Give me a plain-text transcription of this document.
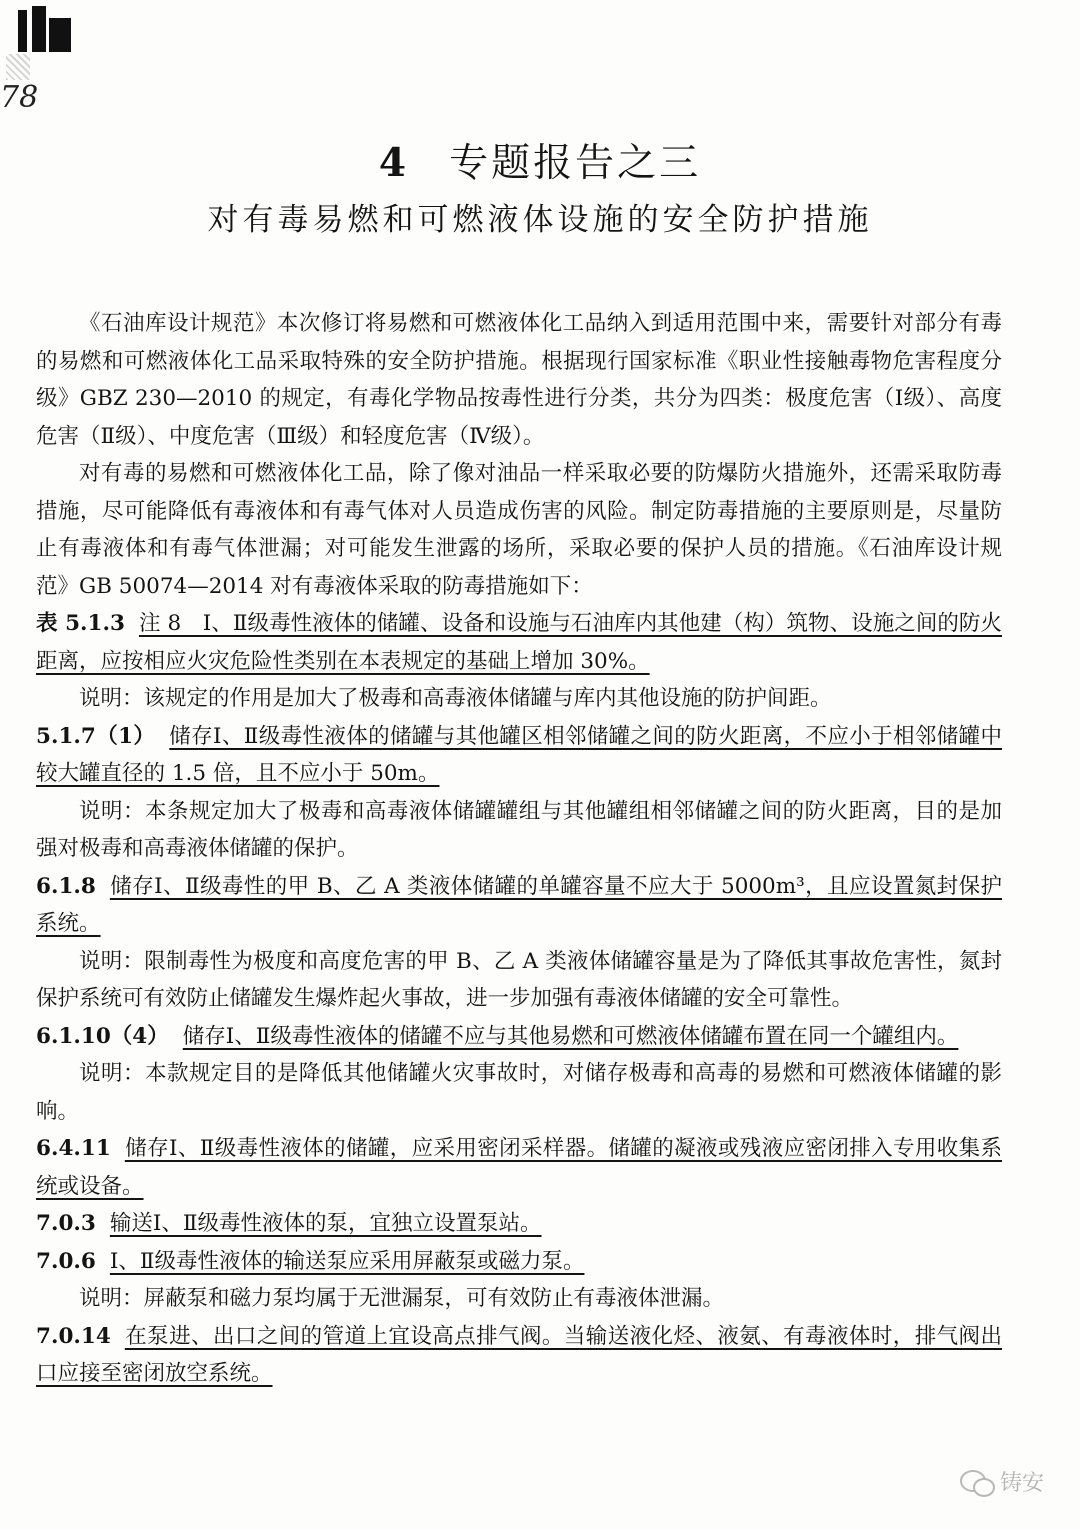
78
4 专题报告之三
对有毒易燃和可燃液体设施的安全防护措施

《石油库设计规范》本次修订将易燃和可燃液体化工品纳入到适用范围中来，需要针对部分有毒的易燃和可燃液体化工品采取特殊的安全防护措施。根据现行国家标准《职业性接触毒物危害程度分级》GBZ 230—2010 的规定，有毒化学物品按毒性进行分类，共分为四类：极度危害（Ⅰ级）、高度危害（Ⅱ级）、中度危害（Ⅲ级）和轻度危害（Ⅳ级）。

对有毒的易燃和可燃液体化工品，除了像对油品一样采取必要的防爆防火措施外，还需采取防毒措施，尽可能降低有毒液体和有毒气体对人员造成伤害的风险。制定防毒措施的主要原则是，尽量防止有毒液体和有毒气体泄漏；对可能发生泄露的场所，采取必要的保护人员的措施。《石油库设计规范》GB 50074—2014 对有毒液体采取的防毒措施如下：

表 5.1.3 注 8　Ⅰ、Ⅱ级毒性液体的储罐、设备和设施与石油库内其他建（构）筑物、设施之间的防火距离，应按相应火灾危险性类别在本表规定的基础上增加 30%。

说明：该规定的作用是加大了极毒和高毒液体储罐与库内其他设施的防护间距。

5.1.7（1） 储存Ⅰ、Ⅱ级毒性液体的储罐与其他罐区相邻储罐之间的防火距离，不应小于相邻储罐中较大罐直径的 1.5 倍，且不应小于 50m。

说明：本条规定加大了极毒和高毒液体储罐罐组与其他罐组相邻储罐之间的防火距离，目的是加强对极毒和高毒液体储罐的保护。

6.1.8 储存Ⅰ、Ⅱ级毒性的甲 B、乙 A 类液体储罐的单罐容量不应大于 5000m³，且应设置氮封保护系统。

说明：限制毒性为极度和高度危害的甲 B、乙 A 类液体储罐容量是为了降低其事故危害性，氮封保护系统可有效防止储罐发生爆炸起火事故，进一步加强有毒液体储罐的安全可靠性。

6.1.10（4） 储存Ⅰ、Ⅱ级毒性液体的储罐不应与其他易燃和可燃液体储罐布置在同一个罐组内。

说明：本款规定目的是降低其他储罐火灾事故时，对储存极毒和高毒的易燃和可燃液体储罐的影响。

6.4.11 储存Ⅰ、Ⅱ级毒性液体的储罐，应采用密闭采样器。储罐的凝液或残液应密闭排入专用收集系统或设备。

7.0.3 输送Ⅰ、Ⅱ级毒性液体的泵，宜独立设置泵站。

7.0.6 Ⅰ、Ⅱ级毒性液体的输送泵应采用屏蔽泵或磁力泵。

说明：屏蔽泵和磁力泵均属于无泄漏泵，可有效防止有毒液体泄漏。

7.0.14 在泵进、出口之间的管道上宜设高点排气阀。当输送液化烃、液氨、有毒液体时，排气阀出口应接至密闭放空系统。

铸安
